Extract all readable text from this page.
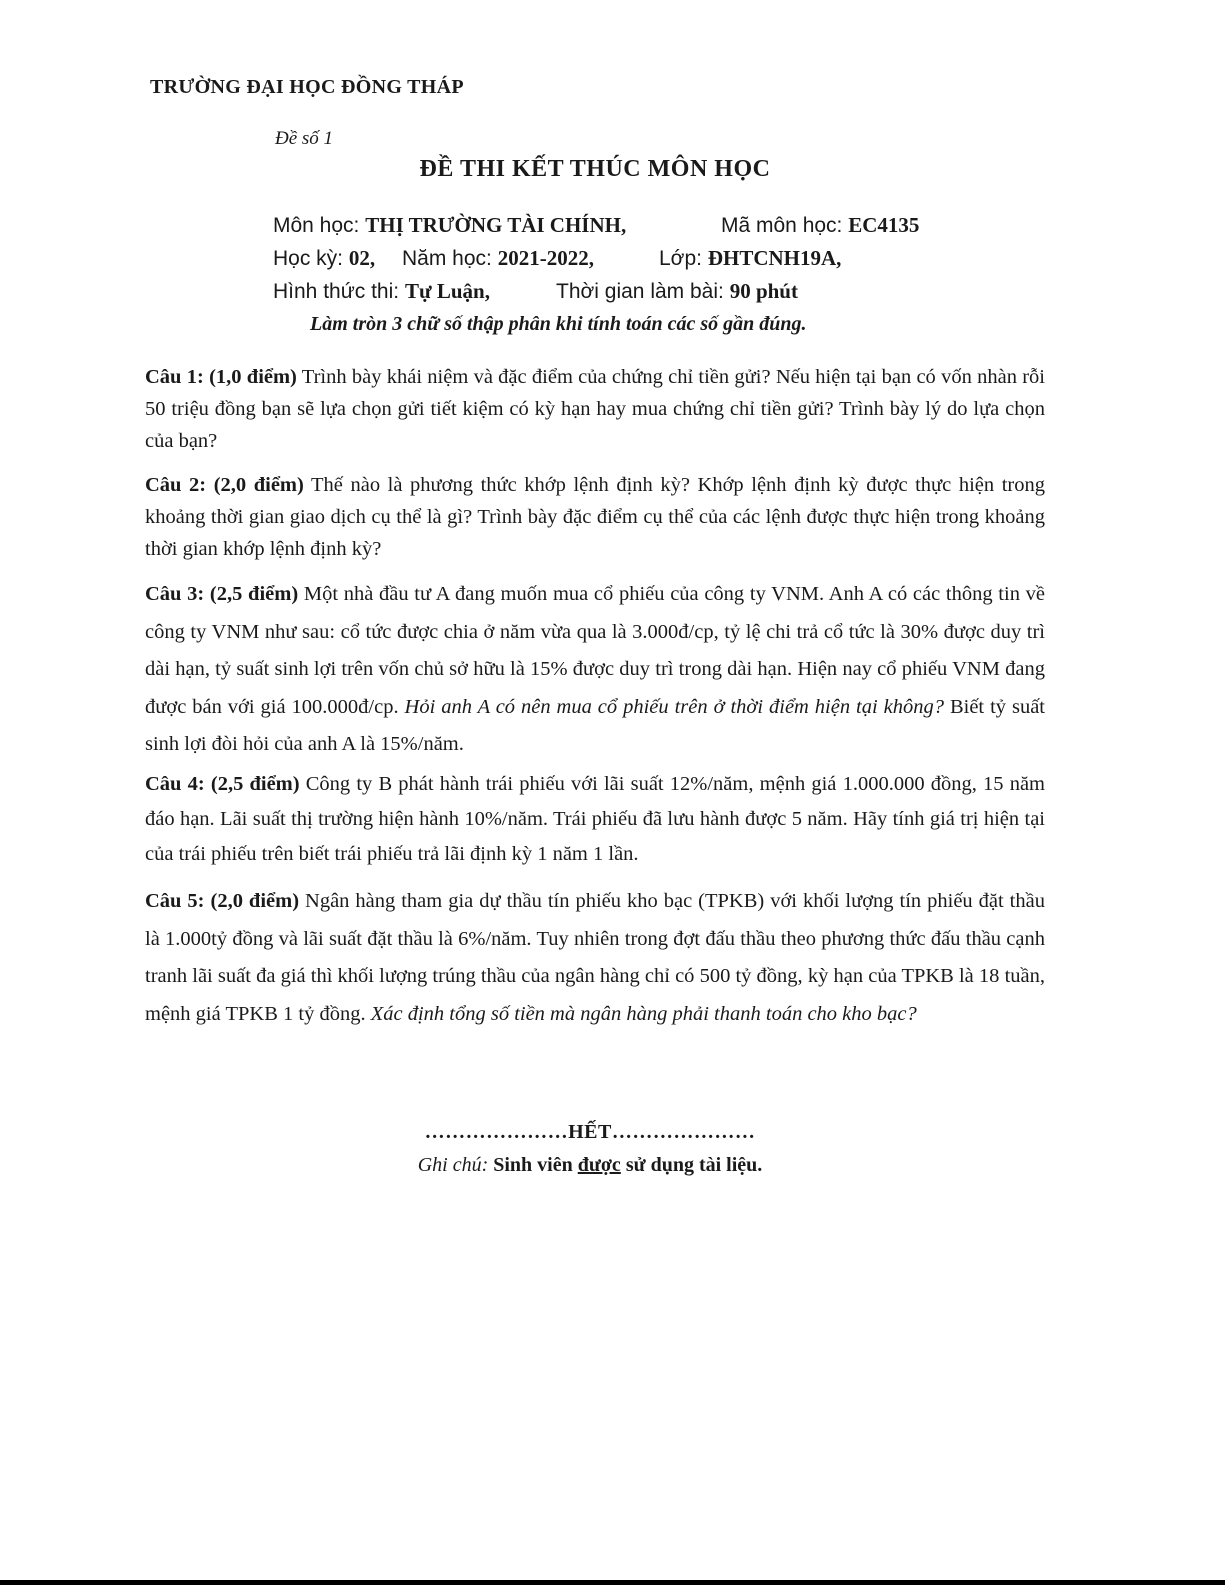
TRƯỜNG ĐẠI HỌC ĐỒNG THÁP
Đề số 1
ĐỀ THI KẾT THÚC MÔN HỌC
Môn học: THỊ TRƯỜNG TÀI CHÍNH,	Mã môn học: EC4135
Học kỳ: 02, Năm học: 2021-2022,	Lớp: ĐHTCNH19A,
Hình thức thi: Tự Luận,	Thời gian làm bài: 90 phút
Làm tròn 3 chữ số thập phân khi tính toán các số gần đúng.
Câu 1: (1,0 điểm) Trình bày khái niệm và đặc điểm của chứng chỉ tiền gửi? Nếu hiện tại bạn có vốn nhàn rỗi 50 triệu đồng bạn sẽ lựa chọn gửi tiết kiệm có kỳ hạn hay mua chứng chỉ tiền gửi? Trình bày lý do lựa chọn của bạn?
Câu 2: (2,0 điểm) Thế nào là phương thức khớp lệnh định kỳ? Khớp lệnh định kỳ được thực hiện trong khoảng thời gian giao dịch cụ thể là gì? Trình bày đặc điểm cụ thể của các lệnh được thực hiện trong khoảng thời gian khớp lệnh định kỳ?
Câu 3: (2,5 điểm) Một nhà đầu tư A đang muốn mua cổ phiếu của công ty VNM. Anh A có các thông tin về công ty VNM như sau: cổ tức được chia ở năm vừa qua là 3.000đ/cp, tỷ lệ chi trả cổ tức là 30% được duy trì dài hạn, tỷ suất sinh lợi trên vốn chủ sở hữu là 15% được duy trì trong dài hạn. Hiện nay cổ phiếu VNM đang được bán với giá 100.000đ/cp. Hỏi anh A có nên mua cổ phiếu trên ở thời điểm hiện tại không? Biết tỷ suất sinh lợi đòi hỏi của anh A là 15%/năm.
Câu 4: (2,5 điểm) Công ty B phát hành trái phiếu với lãi suất 12%/năm, mệnh giá 1.000.000 đồng, 15 năm đáo hạn. Lãi suất thị trường hiện hành 10%/năm. Trái phiếu đã lưu hành được 5 năm. Hãy tính giá trị hiện tại của trái phiếu trên biết trái phiếu trả lãi định kỳ 1 năm 1 lần.
Câu 5: (2,0 điểm) Ngân hàng tham gia dự thầu tín phiếu kho bạc (TPKB) với khối lượng tín phiếu đặt thầu là 1.000tỷ đồng và lãi suất đặt thầu là 6%/năm. Tuy nhiên trong đợt đấu thầu theo phương thức đấu thầu cạnh tranh lãi suất đa giá thì khối lượng trúng thầu của ngân hàng chỉ có 500 tỷ đồng, kỳ hạn của TPKB là 18 tuần, mệnh giá TPKB 1 tỷ đồng. Xác định tổng số tiền mà ngân hàng phải thanh toán cho kho bạc?
…………………HẾT…………………
Ghi chú: Sinh viên được sử dụng tài liệu.
